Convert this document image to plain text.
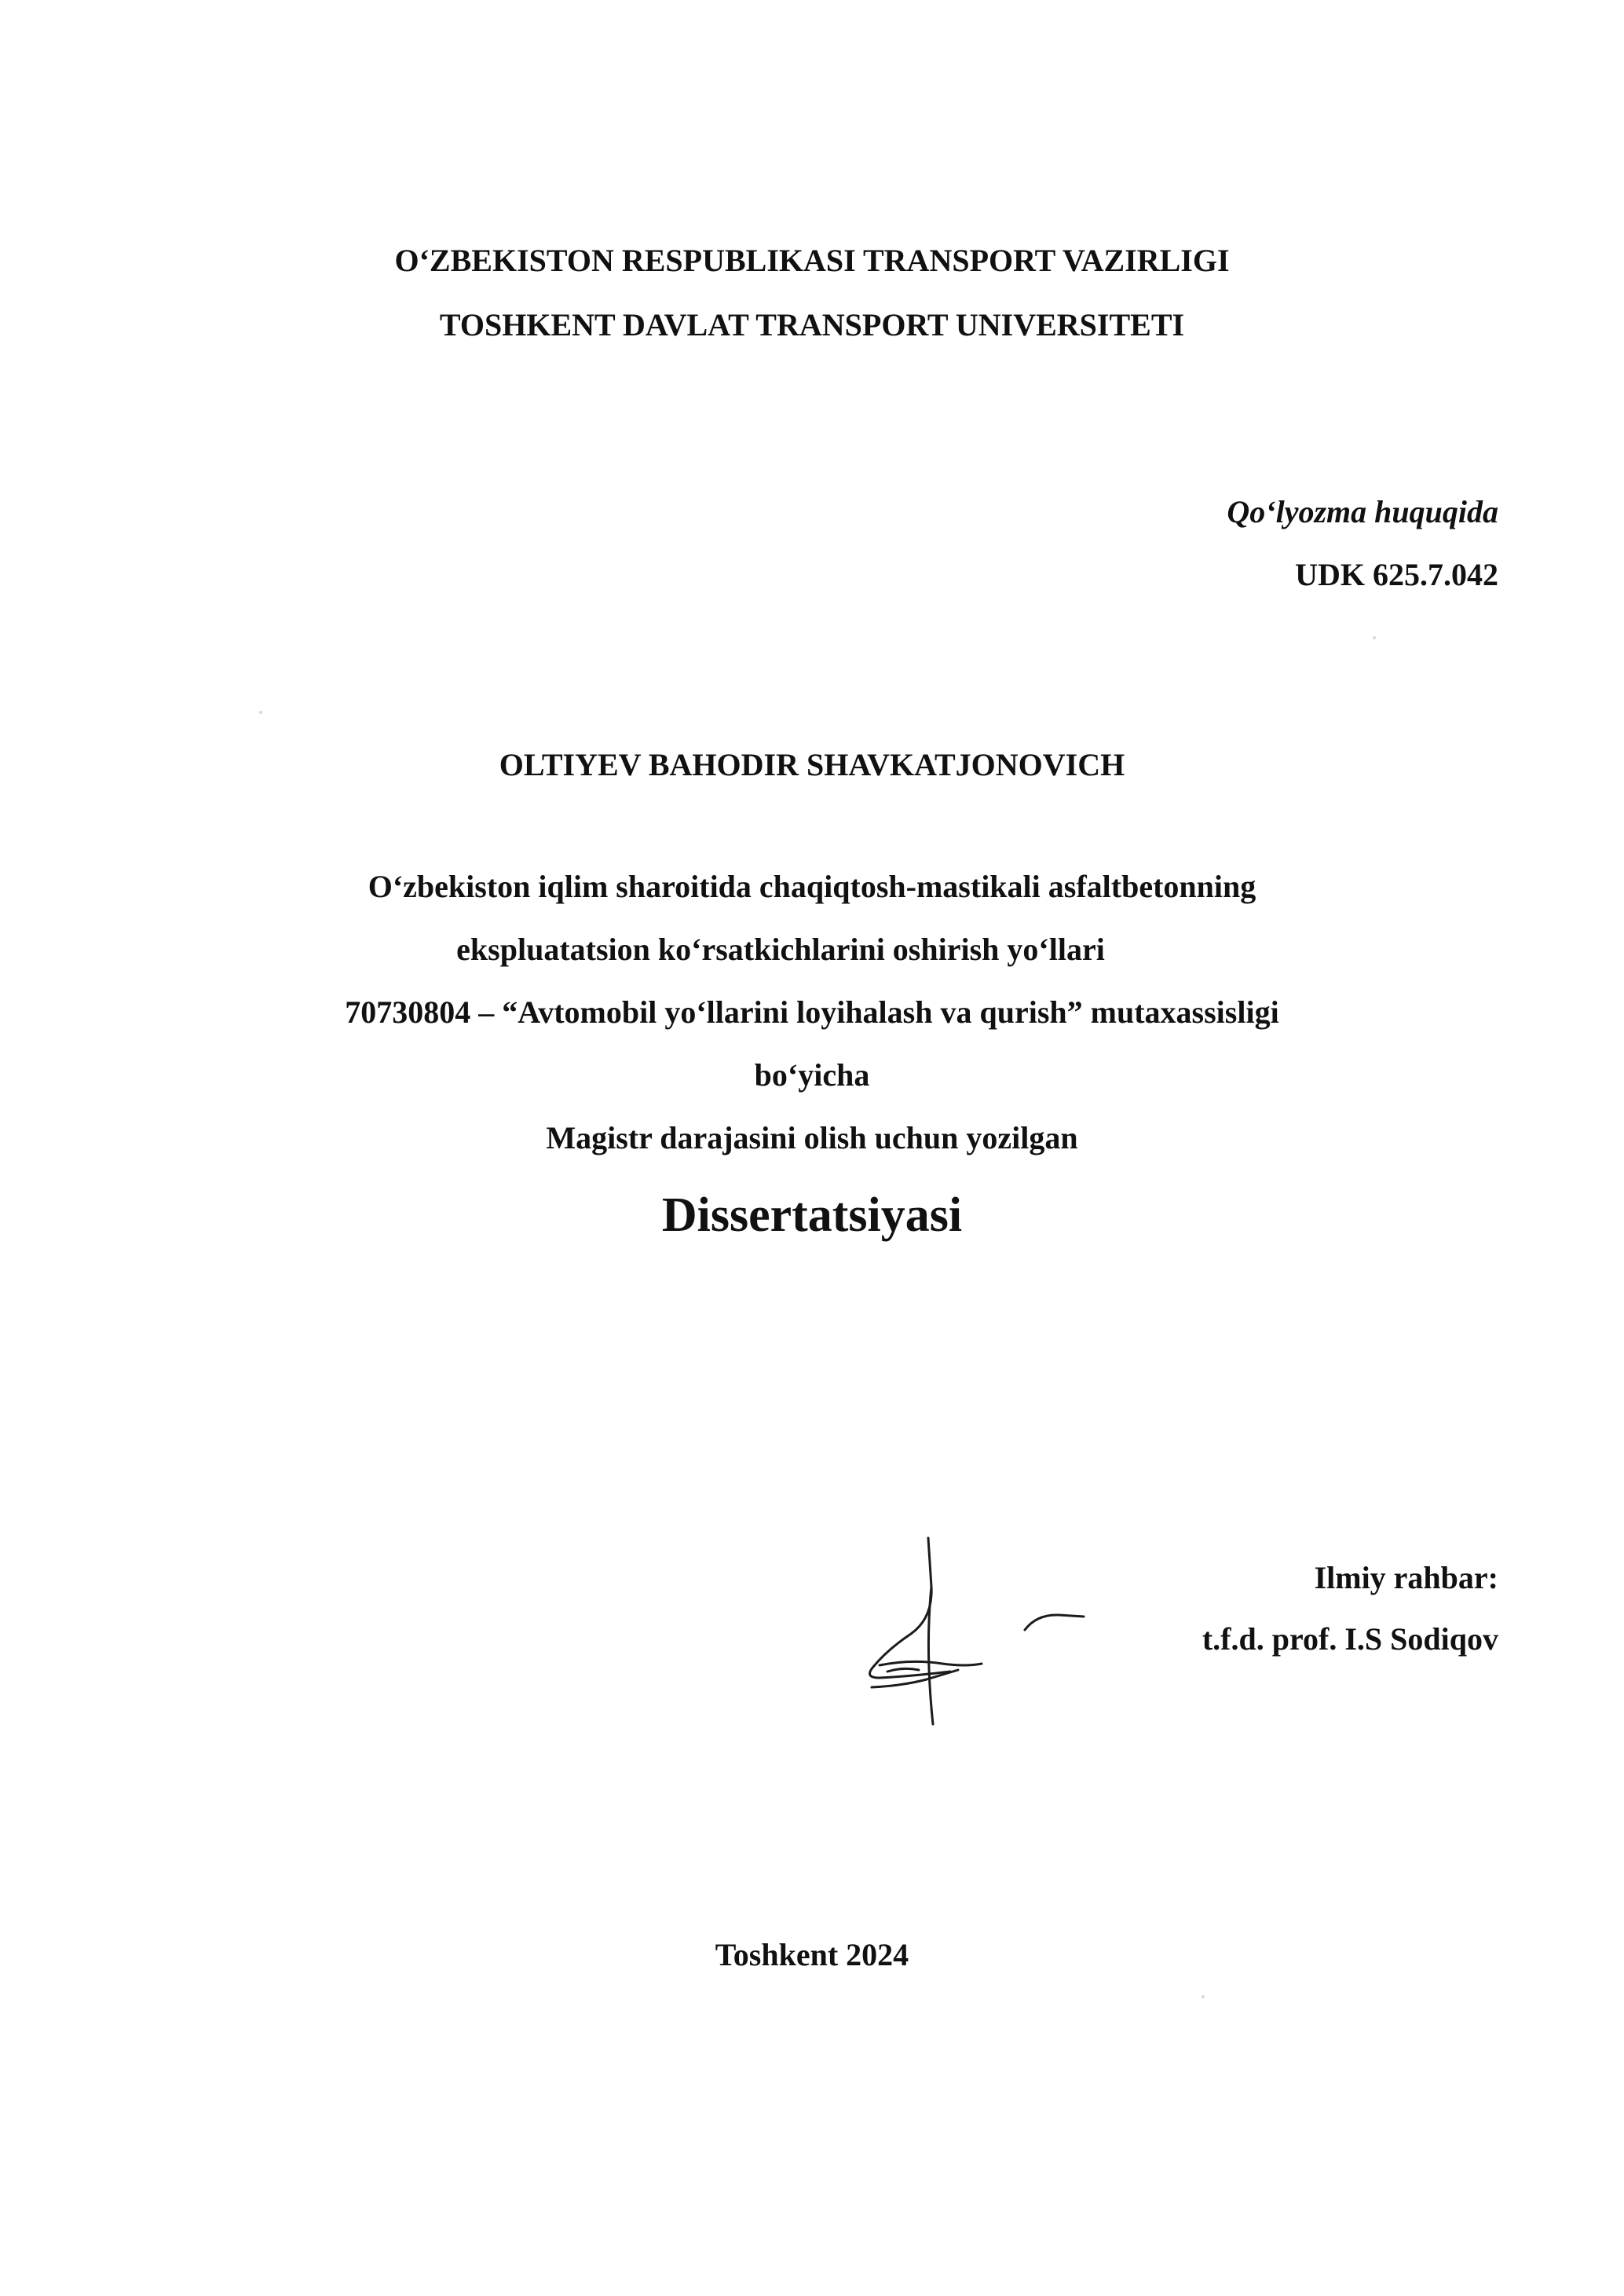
O‘ZBEKISTON RESPUBLIKASI TRANSPORT VAZIRLIGI
TOSHKENT DAVLAT TRANSPORT UNIVERSITETI
Qo‘lyozma huquqida
UDK 625.7.042
OLTIYEV BAHODIR SHAVKATJONOVICH
O‘zbekiston iqlim sharoitida chaqiqtosh-mastikali asfaltbetonning
ekspluatatsion ko‘rsatkichlarini oshirish yo‘llari
70730804 – “Avtomobil yo‘llarini loyihalash va qurish” mutaxassisligi
bo‘yicha
Magistr darajasini olish uchun yozilgan
Dissertatsiyasi
Ilmiy rahbar:
t.f.d. prof. I.S Sodiqov
Toshkent 2024
